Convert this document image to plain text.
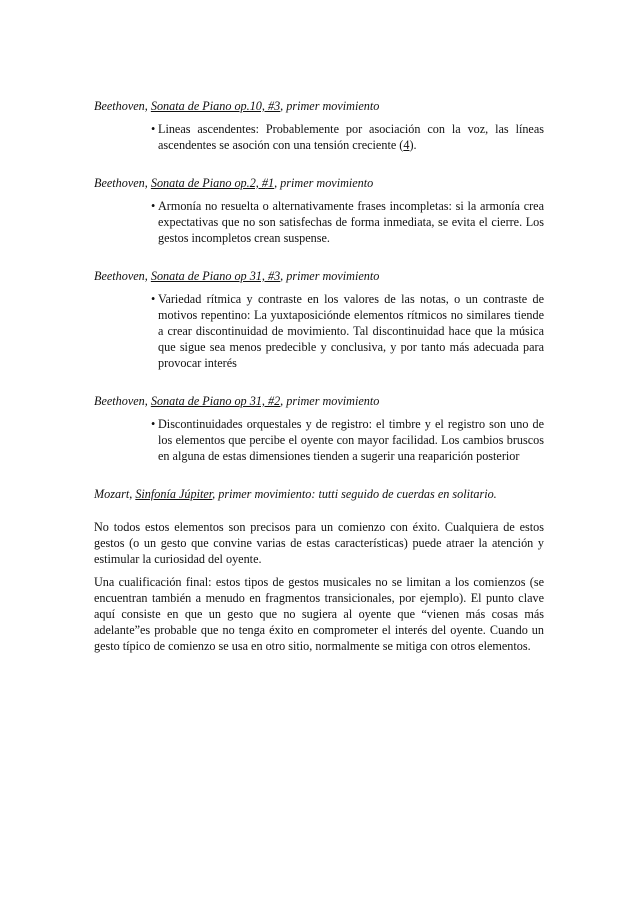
Beethoven, Sonata de Piano op.10, #3, primer movimiento

• Lineas ascendentes: Probablemente por asociación con la voz, las líneas ascendentes se asoción con una tensión creciente (4).

Beethoven, Sonata de Piano op.2, #1, primer movimiento

• Armonía no resuelta o alternativamente frases incompletas: si la armonía crea expectativas que no son satisfechas de forma inmediata, se evita el cierre. Los gestos incompletos crean suspense.

Beethoven, Sonata de Piano op 31, #3, primer movimiento

• Variedad rítmica y contraste en los valores de las notas, o un contraste de motivos repentino: La yuxtaposiciónde elementos rítmicos no similares tiende a crear discontinuidad de movimiento. Tal discontinuidad hace que la música que sigue sea menos predecible y conclusiva, y por tanto más adecuada para provocar interés

Beethoven, Sonata de Piano op 31, #2, primer movimiento

• Discontinuidades orquestales y de registro: el timbre y el registro son uno de los elementos que percibe el oyente con mayor facilidad. Los cambios bruscos en alguna de estas dimensiones tienden a sugerir una reaparición posterior

Mozart, Sinfonía Júpiter, primer movimiento: tutti seguido de cuerdas en solitario.

No todos estos elementos son precisos para un comienzo con éxito. Cualquiera de estos gestos (o un gesto que convine varias de estas características) puede atraer la atención y estimular la curiosidad del oyente.

Una cualificación final: estos tipos de gestos musicales no se limitan a los comienzos (se encuentran también a menudo en fragmentos transicionales, por ejemplo). El punto clave aquí consiste en que un gesto que no sugiera al oyente que “vienen más cosas más adelante”es probable que no tenga éxito en comprometer el interés del oyente. Cuando un gesto típico de comienzo se usa en otro sitio, normalmente se mitiga con otros elementos.
